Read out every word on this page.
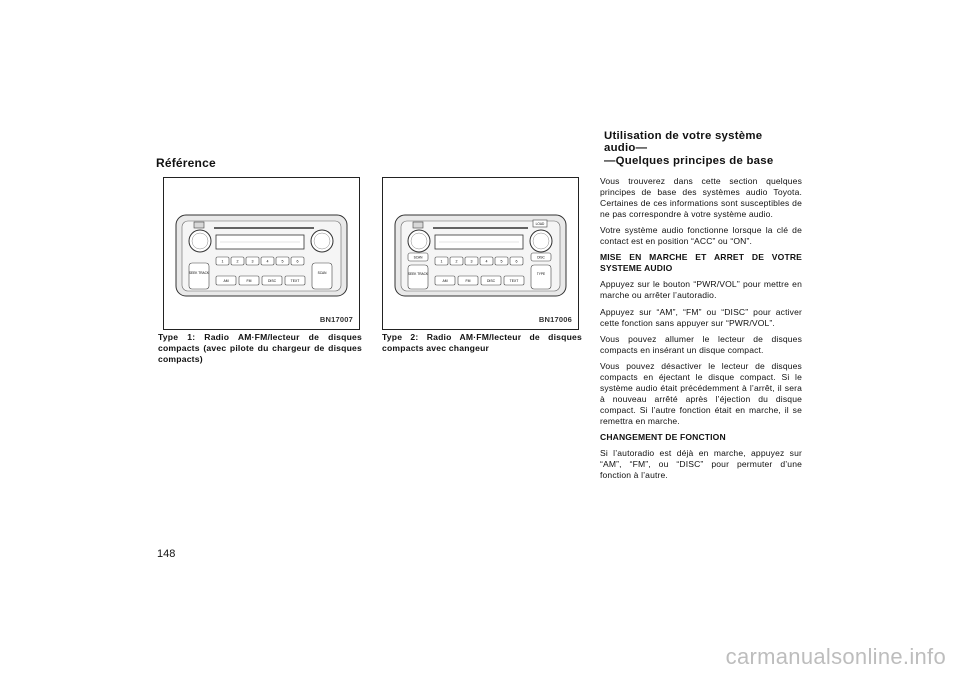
Référence
1	2	3	4	5	6
SEEK TRACK	SCAN
AM	FM	DISC	TEXT
BN17007
Type 1: Radio AM·FM/lecteur de disques compacts (avec pilote du chargeur de disques compacts)
LOAD
SCAN	DISC
1	2	3	4	5	6
SEEK TRACK	TYPE
AM	FM	DISC	TEXT
BN17006
Type 2: Radio AM·FM/lecteur de disques compacts avec changeur
Utilisation de votre système
audio—
—Quelques principes de base

Vous trouverez dans cette section quelques principes de base des systèmes audio Toyota. Certaines de ces informations sont susceptibles de ne pas correspondre à votre système audio.

Votre système audio fonctionne lorsque la clé de contact est en position “ACC” ou “ON”.

MISE EN MARCHE ET ARRET DE VOTRE SYSTEME AUDIO

Appuyez sur le bouton “PWR/VOL” pour mettre en marche ou arrêter l’autoradio.

Appuyez sur “AM”, “FM” ou “DISC” pour activer cette fonction sans appuyer sur “PWR/VOL”.

Vous pouvez allumer le lecteur de disques compacts en insérant un disque compact.

Vous pouvez désactiver le lecteur de disques compacts en éjectant le disque compact. Si le système audio était précédemment à l’arrêt, il sera à nouveau arrêté après l’éjection du disque compact. Si l’autre fonction était en marche, il se remettra en marche.

CHANGEMENT DE FONCTION

Si l’autoradio est déjà en marche, appuyez sur “AM”, “FM”, ou “DISC” pour permuter d’une fonction à l’autre.

148
carmanualsonline.info
